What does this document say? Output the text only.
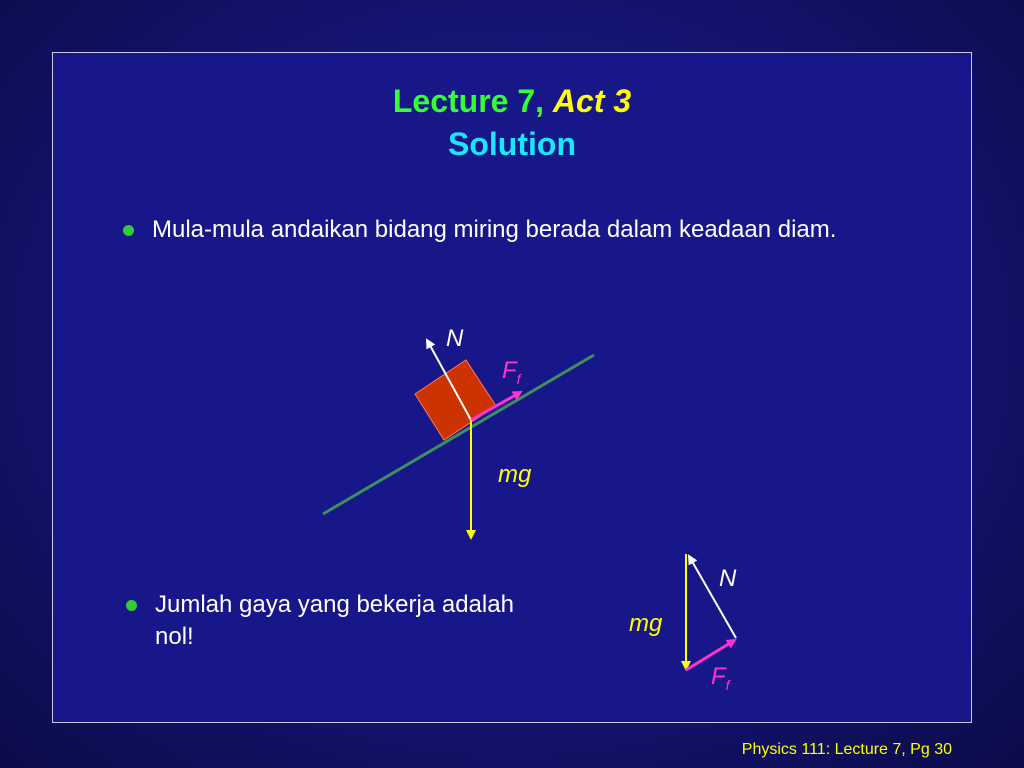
Lecture 7, Act 3
Solution
Mula-mula andaikan bidang miring berada dalam keadaan diam.
N
$F_f$
mg
N
mg
$F_f$
Jumlah gaya yang bekerja adalah nol!
Physics 111: Lecture 7, Pg 30
